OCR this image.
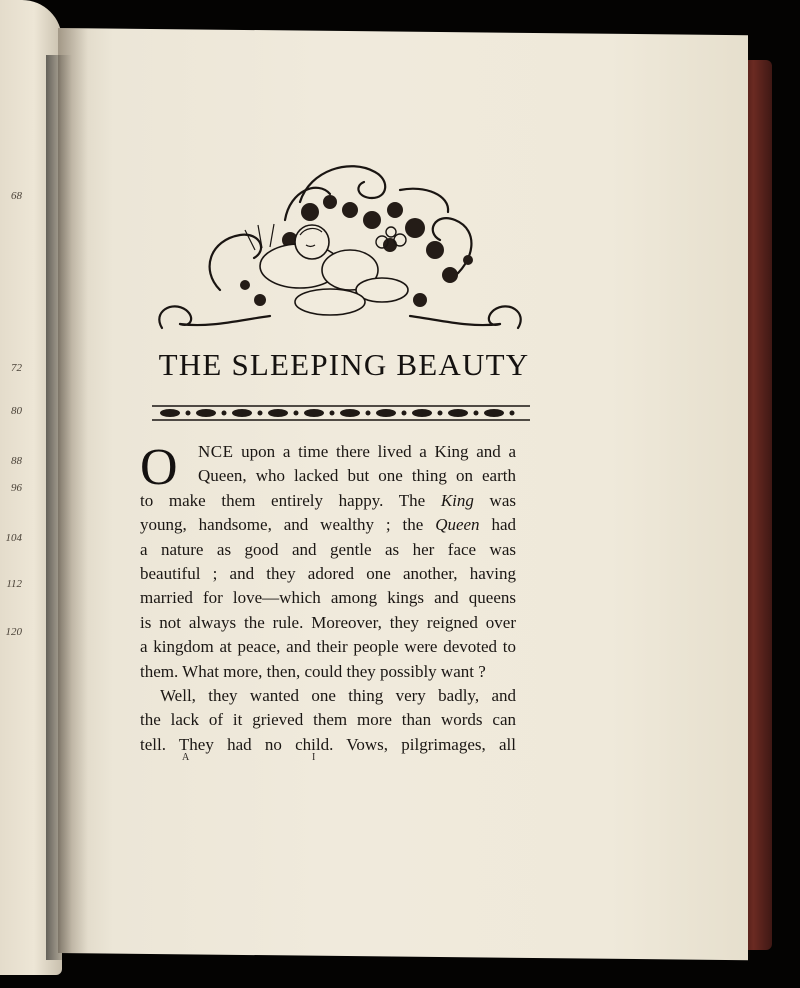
68
72
80
88
96
104
112
120
THE SLEEPING BEAUTY
O	NCE upon a time there lived a King and a
Queen, who lacked but one thing on earth
to make them entirely happy. The King was
young, handsome, and wealthy ; the Queen had
a nature as good and gentle as her face was
beautiful ; and they adored one another, having
married for love—which among kings and queens
is not always the rule. Moreover, they reigned over
a kingdom at peace, and their people were devoted to
them. What more, then, could they possibly want ?
Well, they wanted one thing very badly, and
the lack of it grieved them more than words can
tell. They had no child. Vows, pilgrimages, all
A	I
